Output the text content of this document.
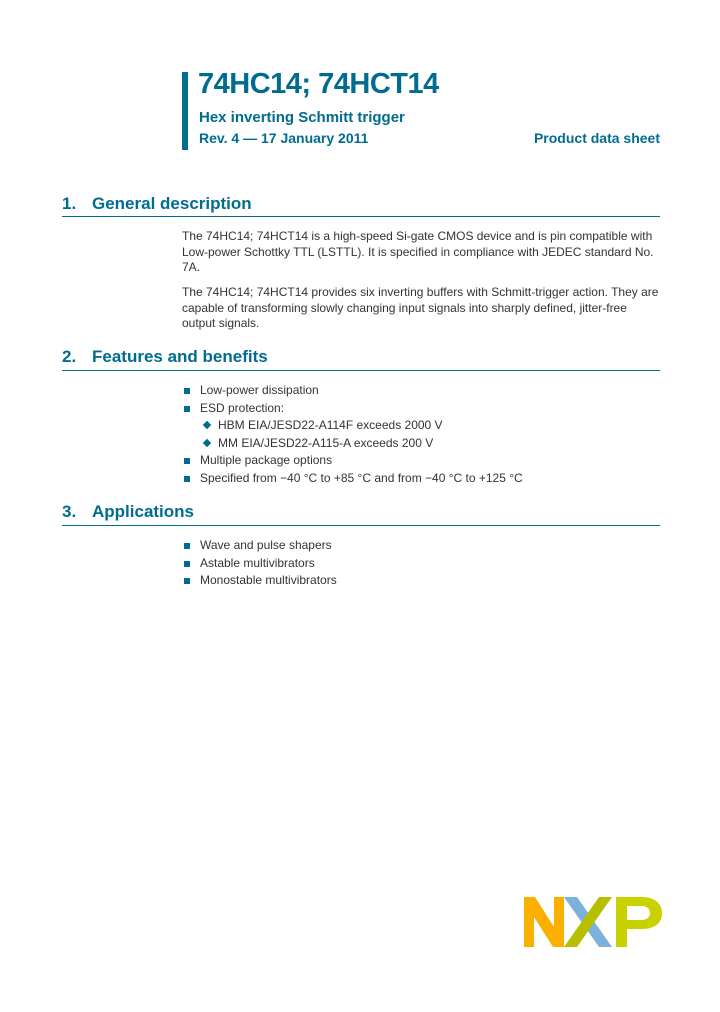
74HC14; 74HCT14
Hex inverting Schmitt trigger
Rev. 4 — 17 January 2011	Product data sheet
1. General description
The 74HC14; 74HCT14 is a high-speed Si-gate CMOS device and is pin compatible with Low-power Schottky TTL (LSTTL). It is specified in compliance with JEDEC standard No. 7A.
The 74HC14; 74HCT14 provides six inverting buffers with Schmitt-trigger action. They are capable of transforming slowly changing input signals into sharply defined, jitter-free output signals.
2. Features and benefits
Low-power dissipation
ESD protection:
HBM EIA/JESD22-A114F exceeds 2000 V
MM EIA/JESD22-A115-A exceeds 200 V
Multiple package options
Specified from −40 °C to +85 °C and from −40 °C to +125 °C
3. Applications
Wave and pulse shapers
Astable multivibrators
Monostable multivibrators
